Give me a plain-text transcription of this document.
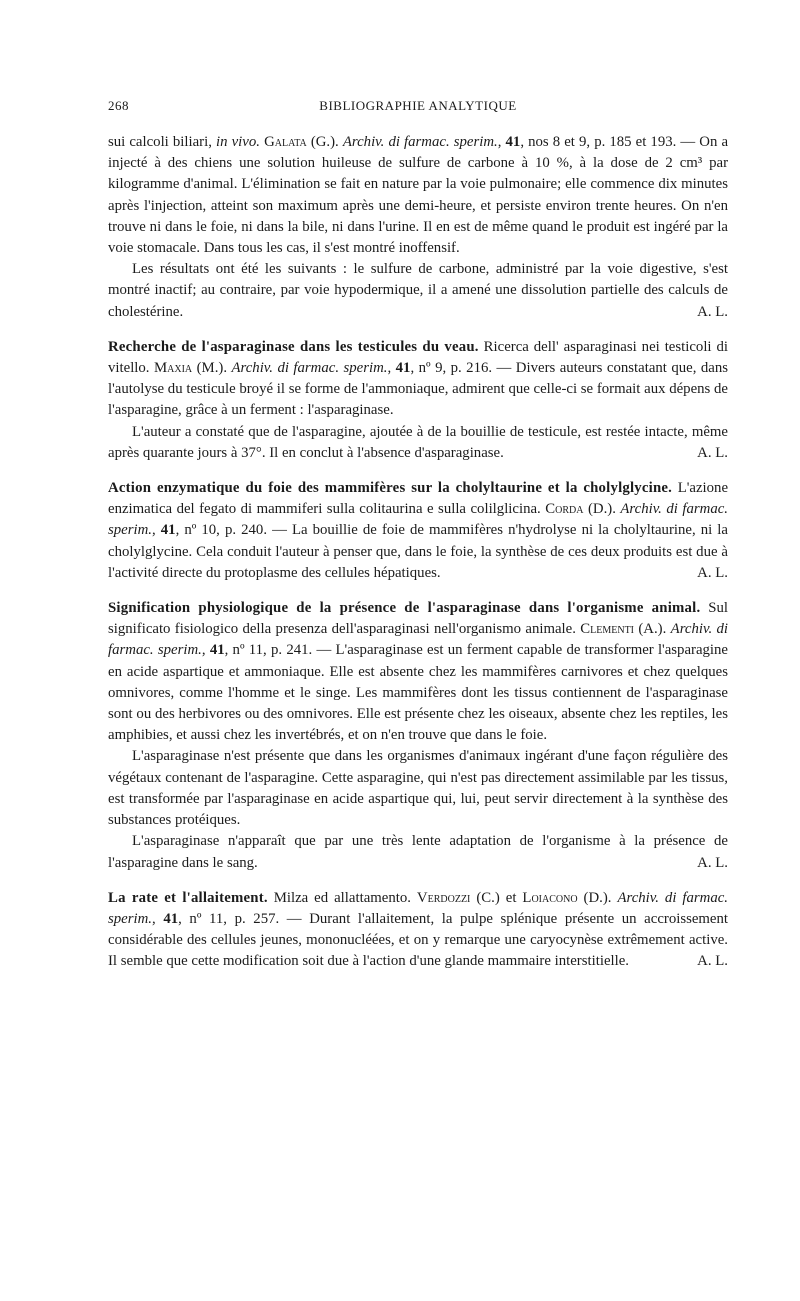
268	BIBLIOGRAPHIE ANALYTIQUE

sui calcoli biliari, in vivo. Galata (G.). Archiv. di farmac. sperim., 41, nos 8 et 9, p. 185 et 193. — On a injecté à des chiens une solution huileuse de sulfure de carbone à 10 %, à la dose de 2 cm³ par kilogramme d'animal. L'élimination se fait en nature par la voie pulmonaire; elle commence dix minutes après l'injection, atteint son maximum après une demi-heure, et persiste environ trente heures. On n'en trouve ni dans le foie, ni dans la bile, ni dans l'urine. Il en est de même quand le produit est ingéré par la voie stomacale. Dans tous les cas, il s'est montré inoffensif.

Les résultats ont été les suivants : le sulfure de carbone, administré par la voie digestive, s'est montré inactif; au contraire, par voie hypodermique, il a amené une dissolution partielle des calculs de cholestérine.	A. L.

Recherche de l'asparaginase dans les testicules du veau. Ricerca dell' asparaginasi nei testicoli di vitello. Maxia (M.). Archiv. di farmac. sperim., 41, nº 9, p. 216. — Divers auteurs constatant que, dans l'autolyse du testicule broyé il se forme de l'ammoniaque, admirent que celle-ci se formait aux dépens de l'asparagine, grâce à un ferment : l'asparaginase.

L'auteur a constaté que de l'asparagine, ajoutée à de la bouillie de testicule, est restée intacte, même après quarante jours à 37°. Il en conclut à l'absence d'asparaginase.	A. L.

Action enzymatique du foie des mammifères sur la cholyltaurine et la cholylglycine. L'azione enzimatica del fegato di mammiferi sulla colitaurina e sulla colilglicina. Corda (D.). Archiv. di farmac. sperim., 41, nº 10, p. 240. — La bouillie de foie de mammifères n'hydrolyse ni la cholyltaurine, ni la cholylglycine. Cela conduit l'auteur à penser que, dans le foie, la synthèse de ces deux produits est due à l'activité directe du protoplasme des cellules hépatiques.	A. L.

Signification physiologique de la présence de l'asparaginase dans l'organisme animal. Sul significato fisiologico della presenza dell'asparaginasi nell'organismo animale. Clementi (A.). Archiv. di farmac. sperim., 41, nº 11, p. 241. — L'asparaginase est un ferment capable de transformer l'asparagine en acide aspartique et ammoniaque. Elle est absente chez les mammifères carnivores et chez quelques omnivores, comme l'homme et le singe. Les mammifères dont les tissus contiennent de l'asparaginase sont ou des herbivores ou des omnivores. Elle est présente chez les oiseaux, absente chez les reptiles, les amphibies, et aussi chez les invertébrés, et on n'en trouve que dans le foie.

L'asparaginase n'est présente que dans les organismes d'animaux ingérant d'une façon régulière des végétaux contenant de l'asparagine. Cette asparagine, qui n'est pas directement assimilable par les tissus, est transformée par l'asparaginase en acide aspartique qui, lui, peut servir directement à la synthèse des substances protéiques.

L'asparaginase n'apparaît que par une très lente adaptation de l'organisme à la présence de l'asparagine dans le sang.	A. L.

La rate et l'allaitement. Milza ed allattamento. Verdozzi (C.) et Loiacono (D.). Archiv. di farmac. sperim., 41, nº 11, p. 257. — Durant l'allaitement, la pulpe splénique présente un accroissement considérable des cellules jeunes, mononucléées, et on y remarque une caryocynèse extrêmement active. Il semble que cette modification soit due à l'action d'une glande mammaire interstitielle.	A. L.
